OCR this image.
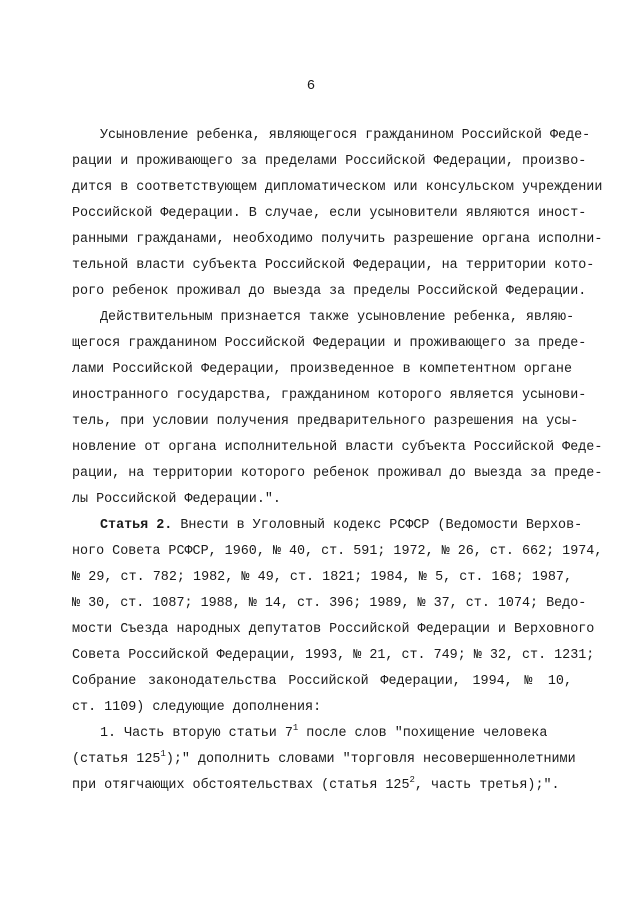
6
Усыновление ребенка, являющегося гражданином Российской Феде-
рации и проживающего за пределами Российской Федерации, произво-
дится в соответствующем дипломатическом или консульском учреждении
Российской Федерации. В случае, если усыновители являются иност-
ранными гражданами, необходимо получить разрешение органа исполни-
тельной власти субъекта Российской Федерации, на территории кото-
рого ребенок проживал до выезда за пределы Российской Федерации.
Действительным признается также усыновление ребенка, являю-
щегося гражданином Российской Федерации и проживающего за преде-
лами Российской Федерации, произведенное в компетентном органе
иностранного государства, гражданином которого является усынови-
тель, при условии получения предварительного разрешения на усы-
новление от органа исполнительной власти субъекта Российской Феде-
рации, на территории которого ребенок проживал до выезда за преде-
лы Российской Федерации.".
Статья 2. Внести в Уголовный кодекс РСФСР (Ведомости Верхов-
ного Совета РСФСР, 1960, № 40, ст. 591; 1972, № 26, ст. 662; 1974,
№ 29, ст. 782; 1982, № 49, ст. 1821; 1984, № 5, ст. 168; 1987,
№ 30, ст. 1087; 1988, № 14, ст. 396; 1989, № 37, ст. 1074; Ведо-
мости Съезда народных депутатов Российской Федерации и Верховного
Совета Российской Федерации, 1993, № 21, ст. 749; № 32, ст. 1231;
Собрание законодательства Российской Федерации, 1994, № 10,
ст. 1109) следующие дополнения:
1. Часть вторую статьи $7^1$ после слов "похищение человека
(статья $125^1$);" дополнить словами "торговля несовершеннолетними
при отягчающих обстоятельствах (статья $125^2$, часть третья);".
